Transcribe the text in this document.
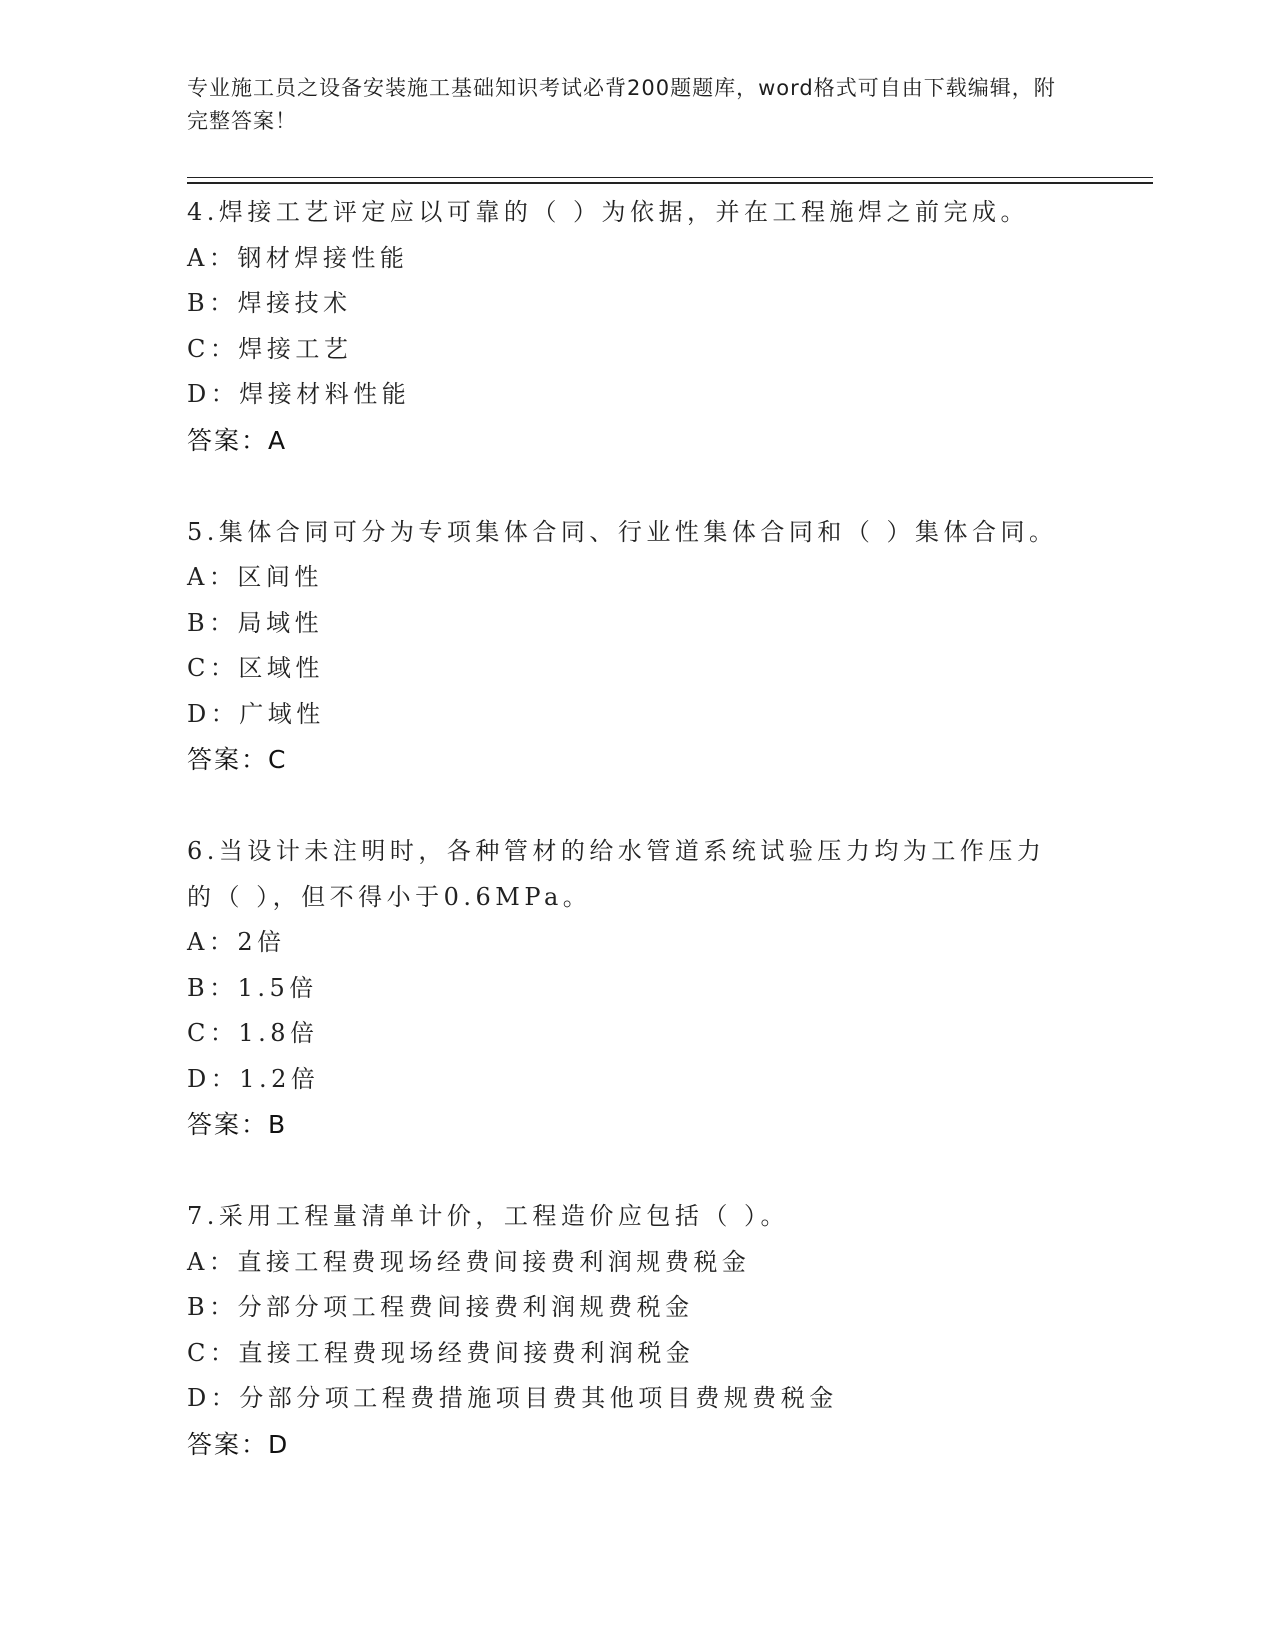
专业施工员之设备安装施工基础知识考试必背200题题库，word格式可自由下载编辑，附完整答案！
4.焊接工艺评定应以可靠的（ ）为依据，并在工程施焊之前完成。
A：钢材焊接性能
B：焊接技术
C：焊接工艺
D：焊接材料性能
答案：A
5.集体合同可分为专项集体合同、行业性集体合同和（ ）集体合同。
A：区间性
B：局域性
C：区域性
D：广域性
答案：C
6.当设计未注明时，各种管材的给水管道系统试验压力均为工作压力的（ ），但不得小于0.6MPa。
A：2倍
B：1.5倍
C：1.8倍
D：1.2倍
答案：B
7.采用工程量清单计价，工程造价应包括（ ）。
A：直接工程费现场经费间接费利润规费税金
B：分部分项工程费间接费利润规费税金
C：直接工程费现场经费间接费利润税金
D：分部分项工程费措施项目费其他项目费规费税金
答案：D
